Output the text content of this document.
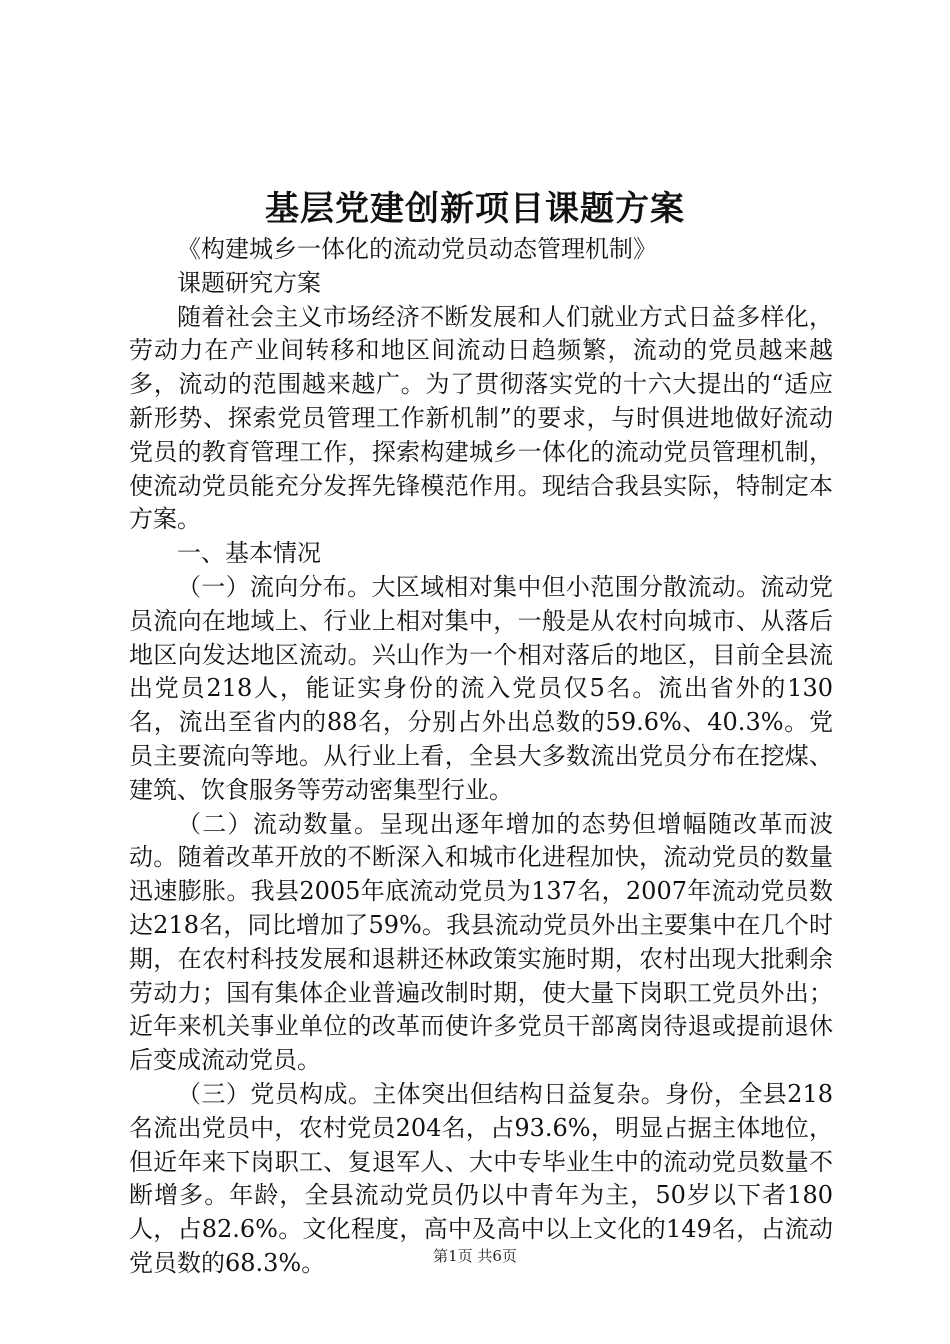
基层党建创新项目课题方案

《构建城乡一体化的流动党员动态管理机制》

课题研究方案

随着社会主义市场经济不断发展和人们就业方式日益多样化，劳动力在产业间转移和地区间流动日趋频繁，流动的党员越来越多，流动的范围越来越广。为了贯彻落实党的十六大提出的“适应新形势、探索党员管理工作新机制”的要求，与时俱进地做好流动党员的教育管理工作，探索构建城乡一体化的流动党员管理机制，使流动党员能充分发挥先锋模范作用。现结合我县实际，特制定本方案。

一、基本情况

（一）流向分布。大区域相对集中但小范围分散流动。流动党员流向在地域上、行业上相对集中，一般是从农村向城市、从落后地区向发达地区流动。兴山作为一个相对落后的地区，目前全县流出党员218人，能证实身份的流入党员仅5名。流出省外的130名，流出至省内的88名，分别占外出总数的59.6%、40.3%。党员主要流向等地。从行业上看，全县大多数流出党员分布在挖煤、建筑、饮食服务等劳动密集型行业。

（二）流动数量。呈现出逐年增加的态势但增幅随改革而波动。随着改革开放的不断深入和城市化进程加快，流动党员的数量迅速膨胀。我县2005年底流动党员为137名，2007年流动党员数达218名，同比增加了59%。我县流动党员外出主要集中在几个时期，在农村科技发展和退耕还林政策实施时期，农村出现大批剩余劳动力；国有集体企业普遍改制时期，使大量下岗职工党员外出；近年来机关事业单位的改革而使许多党员干部离岗待退或提前退休后变成流动党员。

（三）党员构成。主体突出但结构日益复杂。身份，全县218名流出党员中，农村党员204名，占93.6%，明显占据主体地位，但近年来下岗职工、复退军人、大中专毕业生中的流动党员数量不断增多。年龄，全县流动党员仍以中青年为主，50岁以下者180人，占82.6%。文化程度，高中及高中以上文化的149名，占流动党员数的68.3%。	第1页 共6页
